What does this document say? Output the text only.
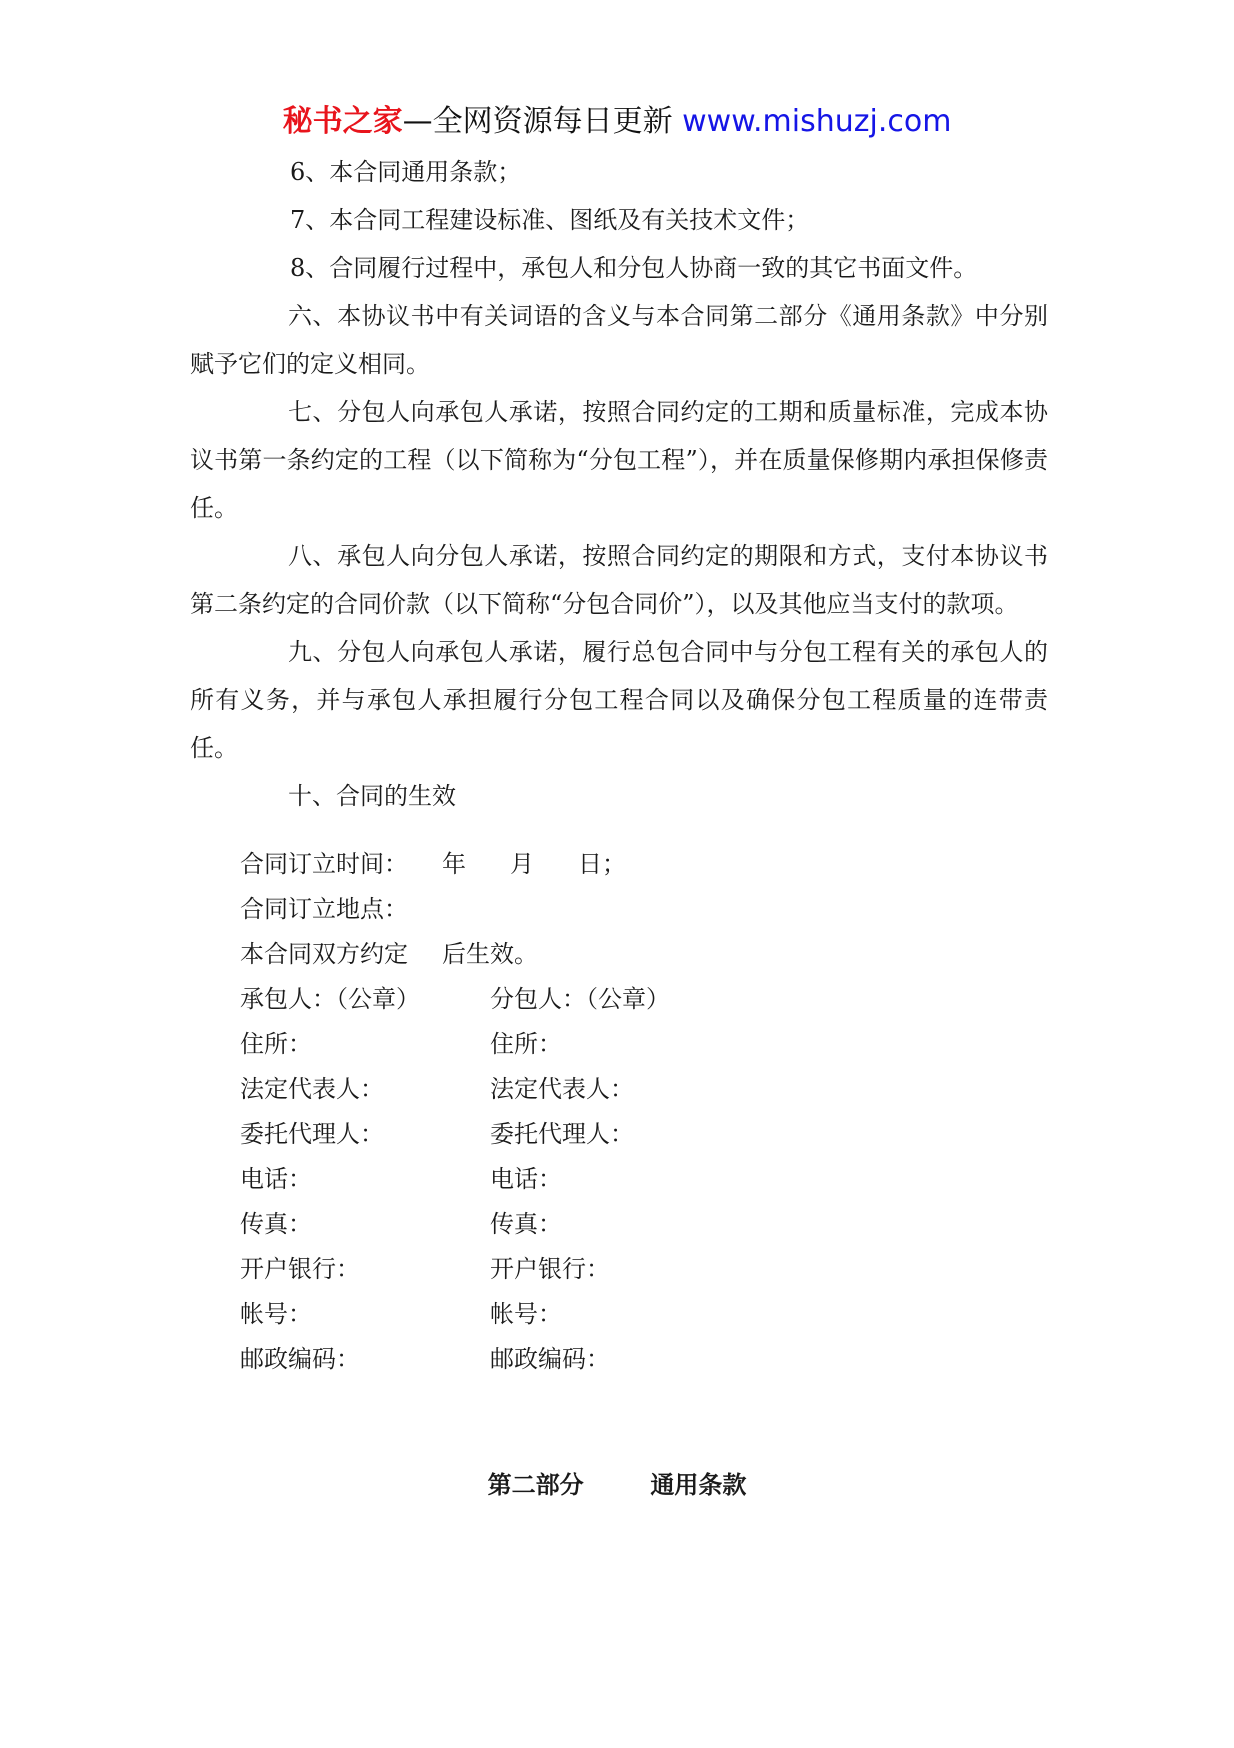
秘书之家—全网资源每日更新 www.mishuzj.com

6、本合同通用条款；

7、本合同工程建设标准、图纸及有关技术文件；

8、合同履行过程中，承包人和分包人协商一致的其它书面文件。

六、本协议书中有关词语的含义与本合同第二部分《通用条款》中分别赋予它们的定义相同。

七、分包人向承包人承诺，按照合同约定的工期和质量标准，完成本协议书第一条约定的工程（以下简称为“分包工程”），并在质量保修期内承担保修责任。

八、承包人向分包人承诺，按照合同约定的期限和方式，支付本协议书第二条约定的合同价款（以下简称“分包合同价”），以及其他应当支付的款项。

九、分包人向承包人承诺，履行总包合同中与分包工程有关的承包人的所有义务，并与承包人承担履行分包工程合同以及确保分包工程质量的连带责任。

十、合同的生效

合同订立时间： 年 月 日；
合同订立地点：
本合同双方约定 后生效。
承包人：（公章）	分包人：（公章）
住所：	住所：
法定代表人：	法定代表人：
委托代理人：	委托代理人：
电话：	电话：
传真：	传真：
开户银行：	开户银行：
帐号：	帐号：
邮政编码：	邮政编码：
第二部分        通用条款
